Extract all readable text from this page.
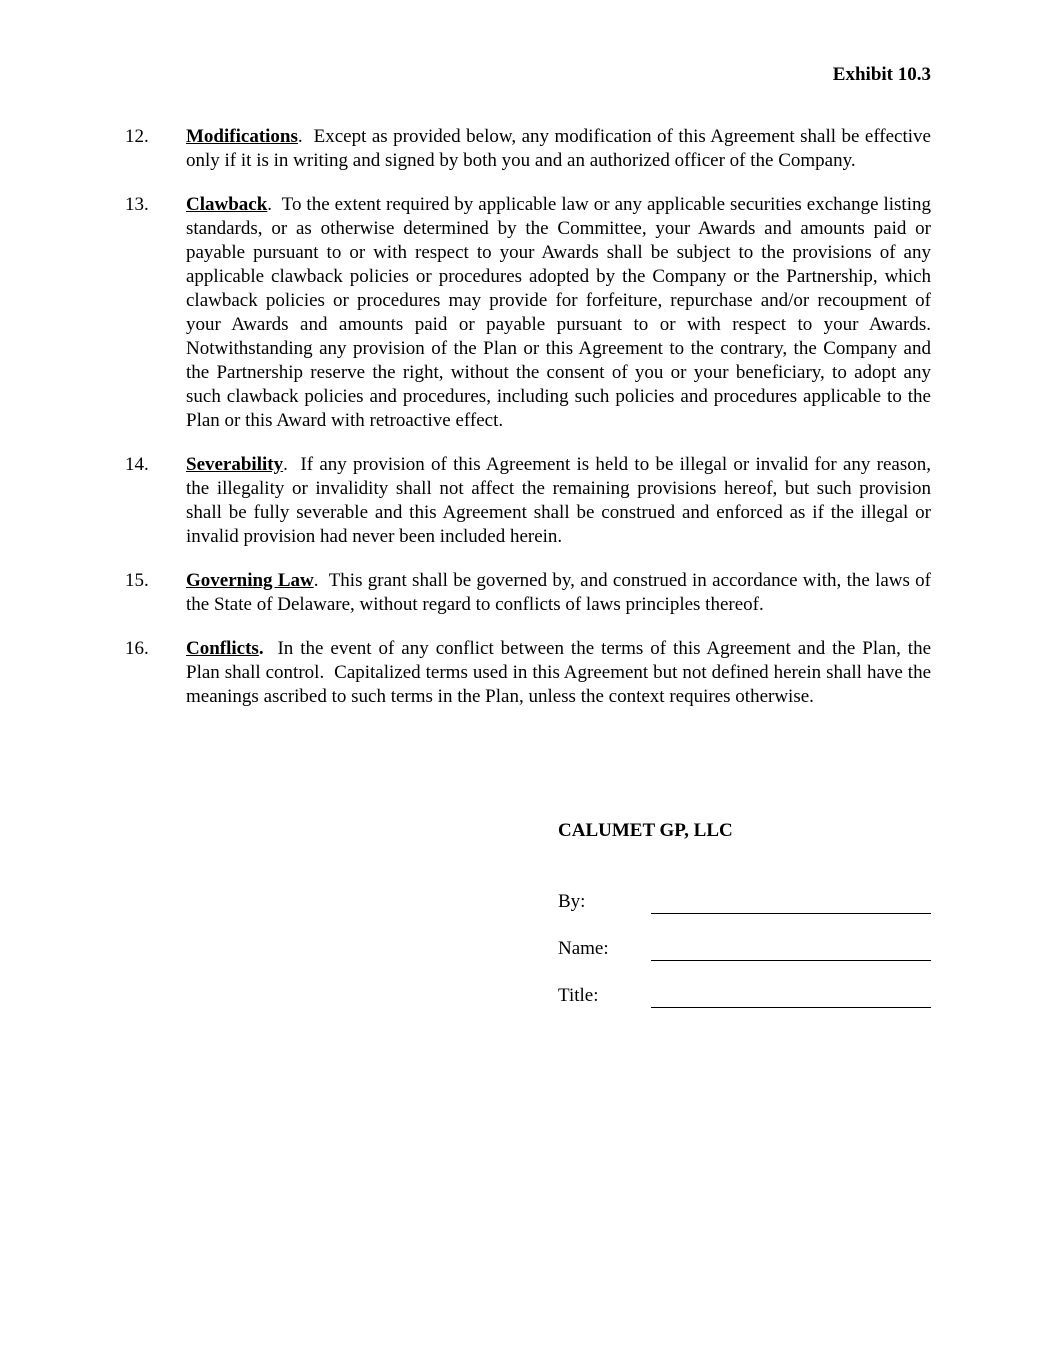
Exhibit 10.3
12.	Modifications.  Except as provided below, any modification of this Agreement shall be effective only if it is in writing and signed by both you and an authorized officer of the Company.
13.	Clawback.  To the extent required by applicable law or any applicable securities exchange listing standards, or as otherwise determined by the Committee, your Awards and amounts paid or payable pursuant to or with respect to your Awards shall be subject to the provisions of any applicable clawback policies or procedures adopted by the Company or the Partnership, which clawback policies or procedures may provide for forfeiture, repurchase and/or recoupment of your Awards and amounts paid or payable pursuant to or with respect to your Awards. Notwithstanding any provision of the Plan or this Agreement to the contrary, the Company and the Partnership reserve the right, without the consent of you or your beneficiary, to adopt any such clawback policies and procedures, including such policies and procedures applicable to the Plan or this Award with retroactive effect.
14.	Severability.  If any provision of this Agreement is held to be illegal or invalid for any reason, the illegality or invalidity shall not affect the remaining provisions hereof, but such provision shall be fully severable and this Agreement shall be construed and enforced as if the illegal or invalid provision had never been included herein.
15.	Governing Law.  This grant shall be governed by, and construed in accordance with, the laws of the State of Delaware, without regard to conflicts of laws principles thereof.
16.	Conflicts.  In the event of any conflict between the terms of this Agreement and the Plan, the Plan shall control.  Capitalized terms used in this Agreement but not defined herein shall have the meanings ascribed to such terms in the Plan, unless the context requires otherwise.
CALUMET GP, LLC
By:
Name:
Title:
